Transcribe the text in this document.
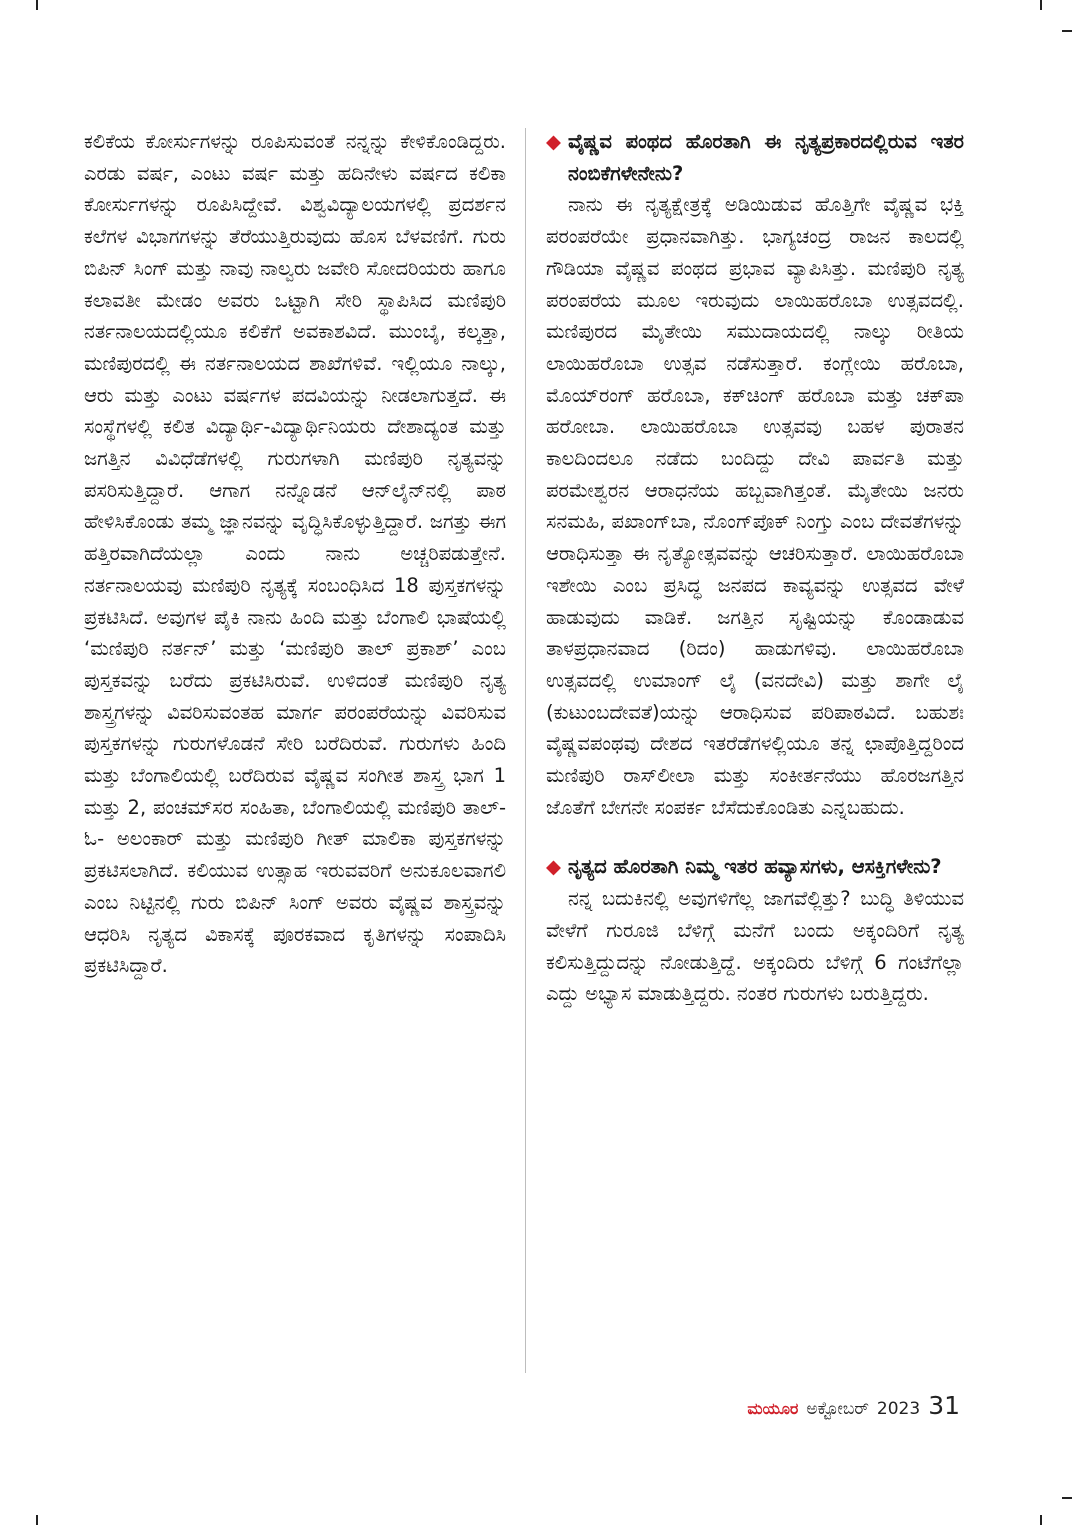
ಕಲಿಕೆಯ ಕೋರ್ಸುಗಳನ್ನು ರೂಪಿಸುವಂತೆ ನನ್ನನ್ನು ಕೇಳಿಕೊಂಡಿದ್ದರು. ಎರಡು ವರ್ಷ, ಎಂಟು ವರ್ಷ ಮತ್ತು ಹದಿನೇಳು ವರ್ಷದ ಕಲಿಕಾ ಕೋರ್ಸುಗಳನ್ನು ರೂಪಿಸಿದ್ದೇವೆ. ವಿಶ್ವವಿದ್ಯಾಲಯಗಳಲ್ಲಿ ಪ್ರದರ್ಶನ ಕಲೆಗಳ ವಿಭಾಗಗಳನ್ನು ತೆರೆಯುತ್ತಿರುವುದು ಹೊಸ ಬೆಳವಣಿಗೆ. ಗುರು ಬಿಪಿನ್ ಸಿಂಗ್ ಮತ್ತು ನಾವು ನಾಲ್ವರು ಜವೇರಿ ಸೋದರಿಯರು ಹಾಗೂ ಕಲಾವತೀ ಮೇಡಂ ಅವರು ಒಟ್ಟಾಗಿ ಸೇರಿ ಸ್ಥಾಪಿಸಿದ ಮಣಿಪುರಿ ನರ್ತನಾಲಯದಲ್ಲಿಯೂ ಕಲಿಕೆಗೆ ಅವಕಾಶವಿದೆ. ಮುಂಬೈ, ಕಲ್ಕತ್ತಾ, ಮಣಿಪುರದಲ್ಲಿ ಈ ನರ್ತನಾಲಯದ ಶಾಖೆಗಳಿವೆ. ಇಲ್ಲಿಯೂ ನಾಲ್ಕು, ಆರು ಮತ್ತು ಎಂಟು ವರ್ಷಗಳ ಪದವಿಯನ್ನು ನೀಡಲಾಗುತ್ತದೆ. ಈ ಸಂಸ್ಥೆಗಳಲ್ಲಿ ಕಲಿತ ವಿದ್ಯಾರ್ಥಿ-ವಿದ್ಯಾರ್ಥಿನಿಯರು ದೇಶಾದ್ಯಂತ ಮತ್ತು ಜಗತ್ತಿನ ವಿವಿಧೆಡೆಗಳಲ್ಲಿ ಗುರುಗಳಾಗಿ ಮಣಿಪುರಿ ನೃತ್ಯವನ್ನು ಪಸರಿಸುತ್ತಿದ್ದಾರೆ. ಆಗಾಗ ನನ್ನೊಡನೆ ಆನ್‌ಲೈನ್‌ನಲ್ಲಿ ಪಾಠ ಹೇಳಿಸಿಕೊಂಡು ತಮ್ಮ ಜ್ಞಾನವನ್ನು ವೃದ್ಧಿಸಿಕೊಳ್ಳುತ್ತಿದ್ದಾರೆ. ಜಗತ್ತು ಈಗ ಹತ್ತಿರವಾಗಿದೆಯಲ್ಲಾ ಎಂದು ನಾನು ಅಚ್ಚರಿಪಡುತ್ತೇನೆ. ನರ್ತನಾಲಯವು ಮಣಿಪುರಿ ನೃತ್ಯಕ್ಕೆ ಸಂಬಂಧಿಸಿದ 18 ಪುಸ್ತಕಗಳನ್ನು ಪ್ರಕಟಿಸಿದೆ. ಅವುಗಳ ಪೈಕಿ ನಾನು ಹಿಂದಿ ಮತ್ತು ಬೆಂಗಾಲಿ ಭಾಷೆಯಲ್ಲಿ ‘ಮಣಿಪುರಿ ನರ್ತನ್’ ಮತ್ತು ‘ಮಣಿಪುರಿ ತಾಲ್ ಪ್ರಕಾಶ್’ ಎಂಬ ಪುಸ್ತಕವನ್ನು ಬರೆದು ಪ್ರಕಟಿಸಿರುವೆ. ಉಳಿದಂತೆ ಮಣಿಪುರಿ ನೃತ್ಯ ಶಾಸ್ತ್ರಗಳನ್ನು ವಿವರಿಸುವಂತಹ ಮಾರ್ಗ ಪರಂಪರೆಯನ್ನು ವಿವರಿಸುವ ಪುಸ್ತಕಗಳನ್ನು ಗುರುಗಳೊಡನೆ ಸೇರಿ ಬರೆದಿರುವೆ. ಗುರುಗಳು ಹಿಂದಿ ಮತ್ತು ಬೆಂಗಾಲಿಯಲ್ಲಿ ಬರೆದಿರುವ ವೈಷ್ಣವ ಸಂಗೀತ ಶಾಸ್ತ್ರ ಭಾಗ 1 ಮತ್ತು 2, ಪಂಚಮ್‌ಸರ ಸಂಹಿತಾ, ಬೆಂಗಾಲಿಯಲ್ಲಿ ಮಣಿಪುರಿ ತಾಲ್- ಓ- ಅಲಂಕಾರ್ ಮತ್ತು ಮಣಿಪುರಿ ಗೀತ್ ಮಾಲಿಕಾ ಪುಸ್ತಕಗಳನ್ನು ಪ್ರಕಟಿಸಲಾಗಿದೆ. ಕಲಿಯುವ ಉತ್ಸಾಹ ಇರುವವರಿಗೆ ಅನುಕೂಲವಾಗಲಿ ಎಂಬ ನಿಟ್ಟಿನಲ್ಲಿ ಗುರು ಬಿಪಿನ್ ಸಿಂಗ್ ಅವರು ವೈಷ್ಣವ ಶಾಸ್ತ್ರವನ್ನು ಆಧರಿಸಿ ನೃತ್ಯದ ವಿಕಾಸಕ್ಕೆ ಪೂರಕವಾದ ಕೃತಿಗಳನ್ನು ಸಂಪಾದಿಸಿ ಪ್ರಕಟಿಸಿದ್ದಾರೆ.

◆ ವೈಷ್ಣವ ಪಂಥದ ಹೊರತಾಗಿ ಈ ನೃತ್ಯಪ್ರಕಾರದಲ್ಲಿರುವ ಇತರ ನಂಬಿಕೆಗಳೇನೇನು?

ನಾನು ಈ ನೃತ್ಯಕ್ಷೇತ್ರಕ್ಕೆ ಅಡಿಯಿಡುವ ಹೊತ್ತಿಗೇ ವೈಷ್ಣವ ಭಕ್ತಿ ಪರಂಪರೆಯೇ ಪ್ರಧಾನವಾಗಿತ್ತು. ಭಾಗ್ಯಚಂದ್ರ ರಾಜನ ಕಾಲದಲ್ಲಿ ಗೌಡಿಯಾ ವೈಷ್ಣವ ಪಂಥದ ಪ್ರಭಾವ ವ್ಯಾಪಿಸಿತ್ತು. ಮಣಿಪುರಿ ನೃತ್ಯ ಪರಂಪರೆಯ ಮೂಲ ಇರುವುದು ಲಾಯಿಹರೊಬಾ ಉತ್ಸವದಲ್ಲಿ. ಮಣಿಪುರದ ಮೈತೇಯಿ ಸಮುದಾಯದಲ್ಲಿ ನಾಲ್ಕು ರೀತಿಯ ಲಾಯಿಹರೊಬಾ ಉತ್ಸವ ನಡೆಸುತ್ತಾರೆ. ಕಂಗ್ಲೇಯಿ ಹರೊಬಾ, ಮೊಯ್‌ರಂಗ್ ಹರೊಬಾ, ಕಕ್‌ಚಿಂಗ್ ಹರೊಬಾ ಮತ್ತು ಚಕ್‌ಪಾ ಹರೋಬಾ. ಲಾಯಿಹರೊಬಾ ಉತ್ಸವವು ಬಹಳ ಪುರಾತನ ಕಾಲದಿಂದಲೂ ನಡೆದು ಬಂದಿದ್ದು ದೇವಿ ಪಾರ್ವತಿ ಮತ್ತು ಪರಮೇಶ್ವರನ ಆರಾಧನೆಯ ಹಬ್ಬವಾಗಿತ್ತಂತೆ. ಮೈತೇಯಿ ಜನರು ಸನಮಹಿ, ಪಖಾಂಗ್‌ಬಾ, ನೊಂಗ್‌ಪೊಕ್ ನಿಂಗ್ತು ಎಂಬ ದೇವತೆಗಳನ್ನು ಆರಾಧಿಸುತ್ತಾ ಈ ನೃತ್ಯೋತ್ಸವವನ್ನು ಆಚರಿಸುತ್ತಾರೆ. ಲಾಯಿಹರೊಬಾ ಇಶೇಯಿ ಎಂಬ ಪ್ರಸಿದ್ಧ ಜನಪದ ಕಾವ್ಯವನ್ನು ಉತ್ಸವದ ವೇಳೆ ಹಾಡುವುದು ವಾಡಿಕೆ. ಜಗತ್ತಿನ ಸೃಷ್ಟಿಯನ್ನು ಕೊಂಡಾಡುವ ತಾಳಪ್ರಧಾನವಾದ (ರಿದಂ) ಹಾಡುಗಳಿವು. ಲಾಯಿಹರೊಬಾ ಉತ್ಸವದಲ್ಲಿ ಉಮಾಂಗ್ ಲೈ (ವನದೇವಿ) ಮತ್ತು ಶಾಗೇ ಲೈ (ಕುಟುಂಬದೇವತೆ)ಯನ್ನು ಆರಾಧಿಸುವ ಪರಿಪಾಠವಿದೆ. ಬಹುಶಃ ವೈಷ್ಣವಪಂಥವು ದೇಶದ ಇತರೆಡೆಗಳಲ್ಲಿಯೂ ತನ್ನ ಛಾಪೊತ್ತಿದ್ದರಿಂದ ಮಣಿಪುರಿ ರಾಸ್‌ಲೀಲಾ ಮತ್ತು ಸಂಕೀರ್ತನೆಯು ಹೊರಜಗತ್ತಿನ ಜೊತೆಗೆ ಬೇಗನೇ ಸಂಪರ್ಕ ಬೆಸೆದುಕೊಂಡಿತು ಎನ್ನಬಹುದು.

◆ ನೃತ್ಯದ ಹೊರತಾಗಿ ನಿಮ್ಮ ಇತರ ಹವ್ಯಾಸಗಳು, ಆಸಕ್ತಿಗಳೇನು?

ನನ್ನ ಬದುಕಿನಲ್ಲಿ ಅವುಗಳಿಗೆಲ್ಲ ಜಾಗವೆಲ್ಲಿತ್ತು? ಬುದ್ಧಿ ತಿಳಿಯುವ ವೇಳೆಗೆ ಗುರೂಜಿ ಬೆಳಿಗ್ಗೆ ಮನೆಗೆ ಬಂದು ಅಕ್ಕಂದಿರಿಗೆ ನೃತ್ಯ ಕಲಿಸುತ್ತಿದ್ದುದನ್ನು ನೋಡುತ್ತಿದ್ದೆ. ಅಕ್ಕಂದಿರು ಬೆಳಿಗ್ಗೆ 6 ಗಂಟೆಗೆಲ್ಲಾ ಎದ್ದು ಅಭ್ಯಾಸ ಮಾಡುತ್ತಿದ್ದರು. ನಂತರ ಗುರುಗಳು ಬರುತ್ತಿದ್ದರು.

ಮಯೂರ ಅಕ್ಟೋಬರ್ 2023 31
